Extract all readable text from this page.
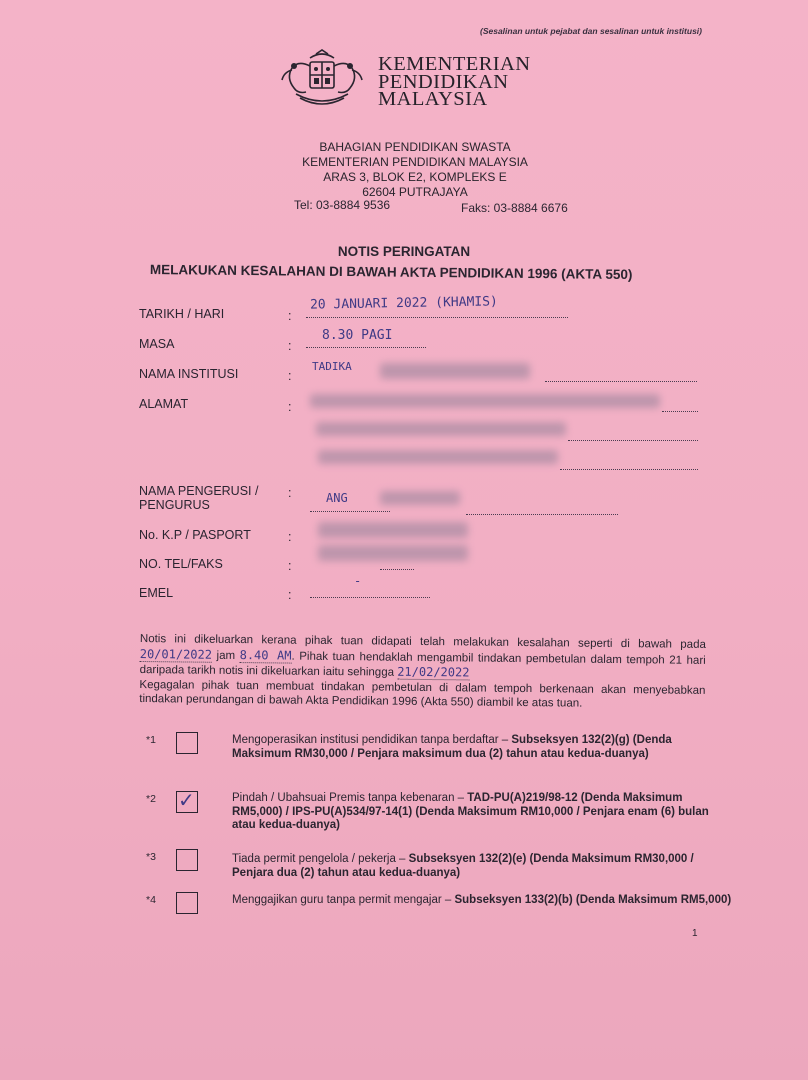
(Sesalinan untuk pejabat dan sesalinan untuk institusi)
KEMENTERIAN
PENDIDIKAN
MALAYSIA
BAHAGIAN PENDIDIKAN SWASTA
KEMENTERIAN PENDIDIKAN MALAYSIA
ARAS 3, BLOK E2, KOMPLEKS E
62604 PUTRAJAYA
Tel: 03-8884 9536	Faks: 03-8884 6676
NOTIS PERINGATAN
MELAKUKAN KESALAHAN DI BAWAH AKTA PENDIDIKAN 1996 (AKTA 550)
TARIKH / HARI	:
20 JANUARI 2022 (KHAMIS)
MASA	:
8.30 PAGI
NAMA INSTITUSI	:
TADIKA
ALAMAT	:
NAMA PENGERUSI /
PENGURUS
:	ANG
No. K.P / PASPORT	:
NO. TEL/FAKS	:
EMEL	:
-

Notis ini dikeluarkan kerana pihak tuan didapati telah melakukan kesalahan seperti di bawah pada 20/01/2022 jam 8.40 AM. Pihak tuan hendaklah mengambil tindakan pembetulan dalam tempoh 21 hari daripada tarikh notis ini dikeluarkan iaitu sehingga 21/02/2022

Kegagalan pihak tuan membuat tindakan pembetulan di dalam tempoh berkenaan akan menyebabkan tindakan perundangan di bawah Akta Pendidikan 1996 (Akta 550) diambil ke atas tuan.

*1	Mengoperasikan institusi pendidikan tanpa berdaftar – Subseksyen 132(2)(g) (Denda Maksimum RM30,000 / Penjara maksimum dua (2) tahun atau kedua-duanya)
*2 ✓	Pindah / Ubahsuai Premis tanpa kebenaran – TAD-PU(A)219/98-12 (Denda Maksimum RM5,000) / IPS-PU(A)534/97-14(1) (Denda Maksimum RM10,000 / Penjara enam (6) bulan atau kedua-duanya)
*3	Tiada permit pengelola / pekerja – Subseksyen 132(2)(e) (Denda Maksimum RM30,000 / Penjara dua (2) tahun atau kedua-duanya)
*4	Menggajikan guru tanpa permit mengajar – Subseksyen 133(2)(b) (Denda Maksimum RM5,000)
1
